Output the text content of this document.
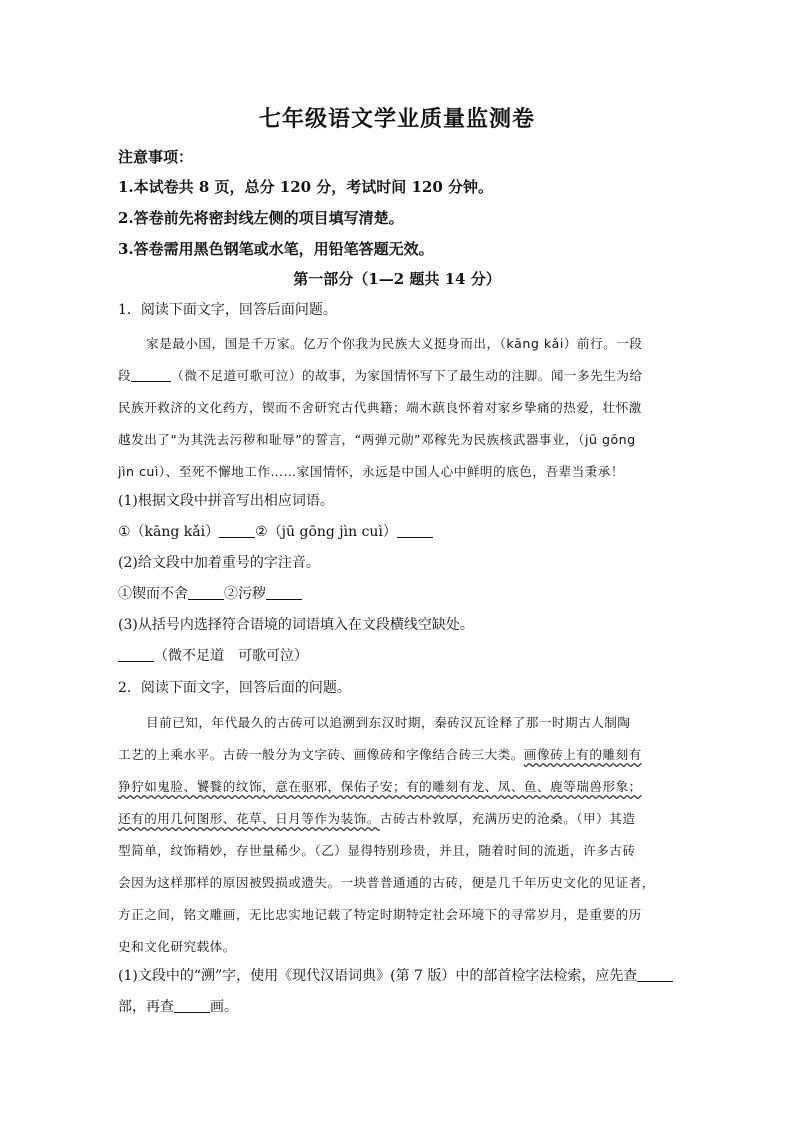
七年级语文学业质量监测卷
注意事项：
1.本试卷共 8 页，总分 120 分，考试时间 120 分钟。
2.答卷前先将密封线左侧的项目填写清楚。
3.答卷需用黑色钢笔或水笔，用铅笔答题无效。
第一部分（1—2 题共 14 分）
1．阅读下面文字，回答后面问题。
家是最小国，国是千万家。亿万个你我为民族大义挺身而出，（kāng kǎi）前行。一段
段	（微不足道可歌可泣）的故事，为家国情怀写下了最生动的注脚。闻一多先生为给
民族开救济的文化药方，锲而不舍研究古代典籍；端木蕻良怀着对家乡挚痛的热爱，壮怀激
越发出了“为其洗去污秽和耻辱”的誓言，“两弹元勋”邓稼先为民族核武器事业，（jū gōng
jìn cuì）、至死不懈地工作……家国情怀，永远是中国人心中鲜明的底色，吾辈当秉承！
(1)根据文段中拼音写出相应词语。
①（kāng kǎi）	②（jū gōng jìn cuì）
(2)给文段中加着重号的字注音。
①锲而不舍	②污秽
(3)从括号内选择符合语境的词语填入在文段横线空缺处。
（微不足道　可歌可泣）
2．阅读下面文字，回答后面的问题。
目前已知，年代最久的古砖可以追溯到东汉时期，秦砖汉瓦诠释了那一时期古人制陶
工艺的上乘水平。古砖一般分为文字砖、画像砖和字像结合砖三大类。画像砖上有的雕刻有
狰狞如鬼脸、饕餮的纹饰，意在驱邪，保佑子安；有的雕刻有龙、凤、鱼、鹿等瑞兽形象；
还有的用几何图形、花草、日月等作为装饰。古砖古朴敦厚，充满历史的沧桑。（甲）其造
型简单，纹饰精妙，存世量稀少。（乙）显得特别珍贵，并且，随着时间的流逝，许多古砖
会因为这样那样的原因被毁损或遗失。一块普普通通的古砖，便是几千年历史文化的见证者，
方正之间，铭文雕画，无比忠实地记载了特定时期特定社会环境下的寻常岁月，是重要的历
史和文化研究载体。
(1)文段中的“溯”字，使用《现代汉语词典》(第 7 版）中的部首检字法检索，应先查
部，再查	画。
